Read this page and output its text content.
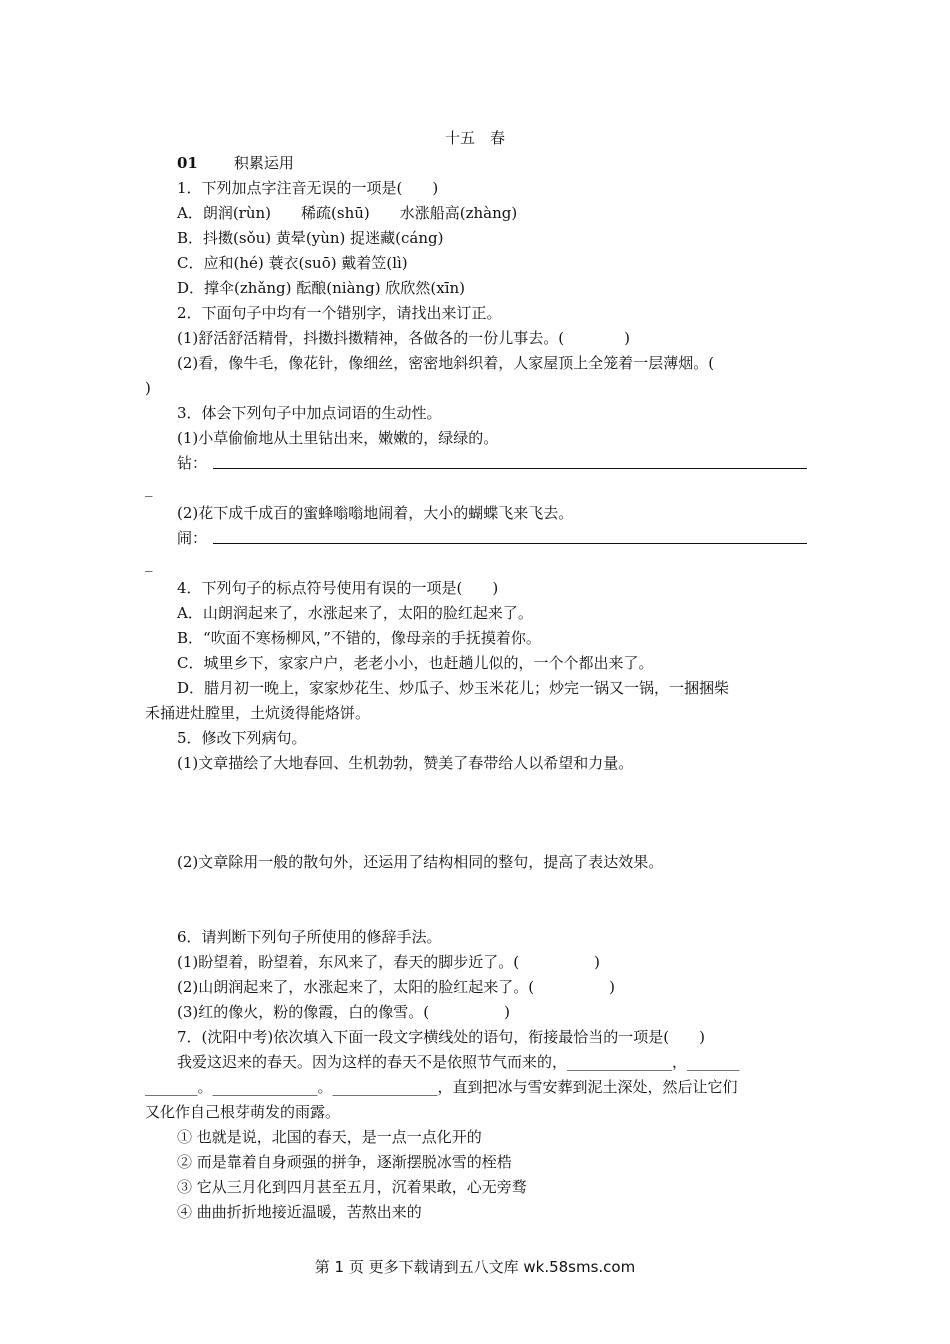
十五　春
01 积累运用
1．下列加点字注音无误的一项是(　　)
A．朗润(rùn)　　稀疏(shū)　　水涨船高(zhàng)
B．抖擞(sǒu) 黄晕(yùn) 捉迷藏(cáng)
C．应和(hé) 蓑衣(suō) 戴着笠(lì)
D．撑伞(zhǎng) 酝酿(niàng) 欣欣然(xīn)
2．下面句子中均有一个错别字，请找出来订正。
(1)舒活舒活精骨，抖擞抖擞精神，各做各的一份儿事去。(　　　　)
(2)看，像牛毛，像花针，像细丝，密密地斜织着，人家屋顶上全笼着一层薄烟。(
)
3．体会下列句子中加点词语的生动性。
(1)小草偷偷地从土里钻出来，嫩嫩的，绿绿的。
钻：
_
(2)花下成千成百的蜜蜂嗡嗡地闹着，大小的蝴蝶飞来飞去。
闹：
_
4．下列句子的标点符号使用有误的一项是(　　)
A．山朗润起来了，水涨起来了，太阳的脸红起来了。
B．“吹面不寒杨柳风，”不错的，像母亲的手抚摸着你。
C．城里乡下，家家户户，老老小小，也赶趟儿似的，一个个都出来了。
D．腊月初一晚上，家家炒花生、炒瓜子、炒玉米花儿；炒完一锅又一锅，一捆捆柴
禾捅进灶膛里，土炕烫得能烙饼。
5．修改下列病句。
(1)文章描绘了大地春回、生机勃勃，赞美了春带给人以希望和力量。
(2)文章除用一般的散句外，还运用了结构相同的整句，提高了表达效果。
6．请判断下列句子所使用的修辞手法。
(1)盼望着，盼望着，东风来了，春天的脚步近了。(　　　　　)
(2)山朗润起来了，水涨起来了，太阳的脸红起来了。(　　　　　)
(3)红的像火，粉的像霞，白的像雪。(　　　　　)
7．(沈阳中考)依次填入下面一段文字横线处的语句，衔接最恰当的一项是(　　)
我爱这迟来的春天。因为这样的春天不是依照节气而来的，______________，_______
_______。______________。______________，直到把冰与雪安葬到泥土深处，然后让它们
又化作自己根芽萌发的雨露。
① 也就是说，北国的春天，是一点一点化开的
② 而是靠着自身顽强的拼争，逐渐摆脱冰雪的桎梏
③ 它从三月化到四月甚至五月，沉着果敢，心无旁骛
④ 曲曲折折地接近温暖，苦熬出来的
第 1 页 更多下载请到五八文库 wk.58sms.com
